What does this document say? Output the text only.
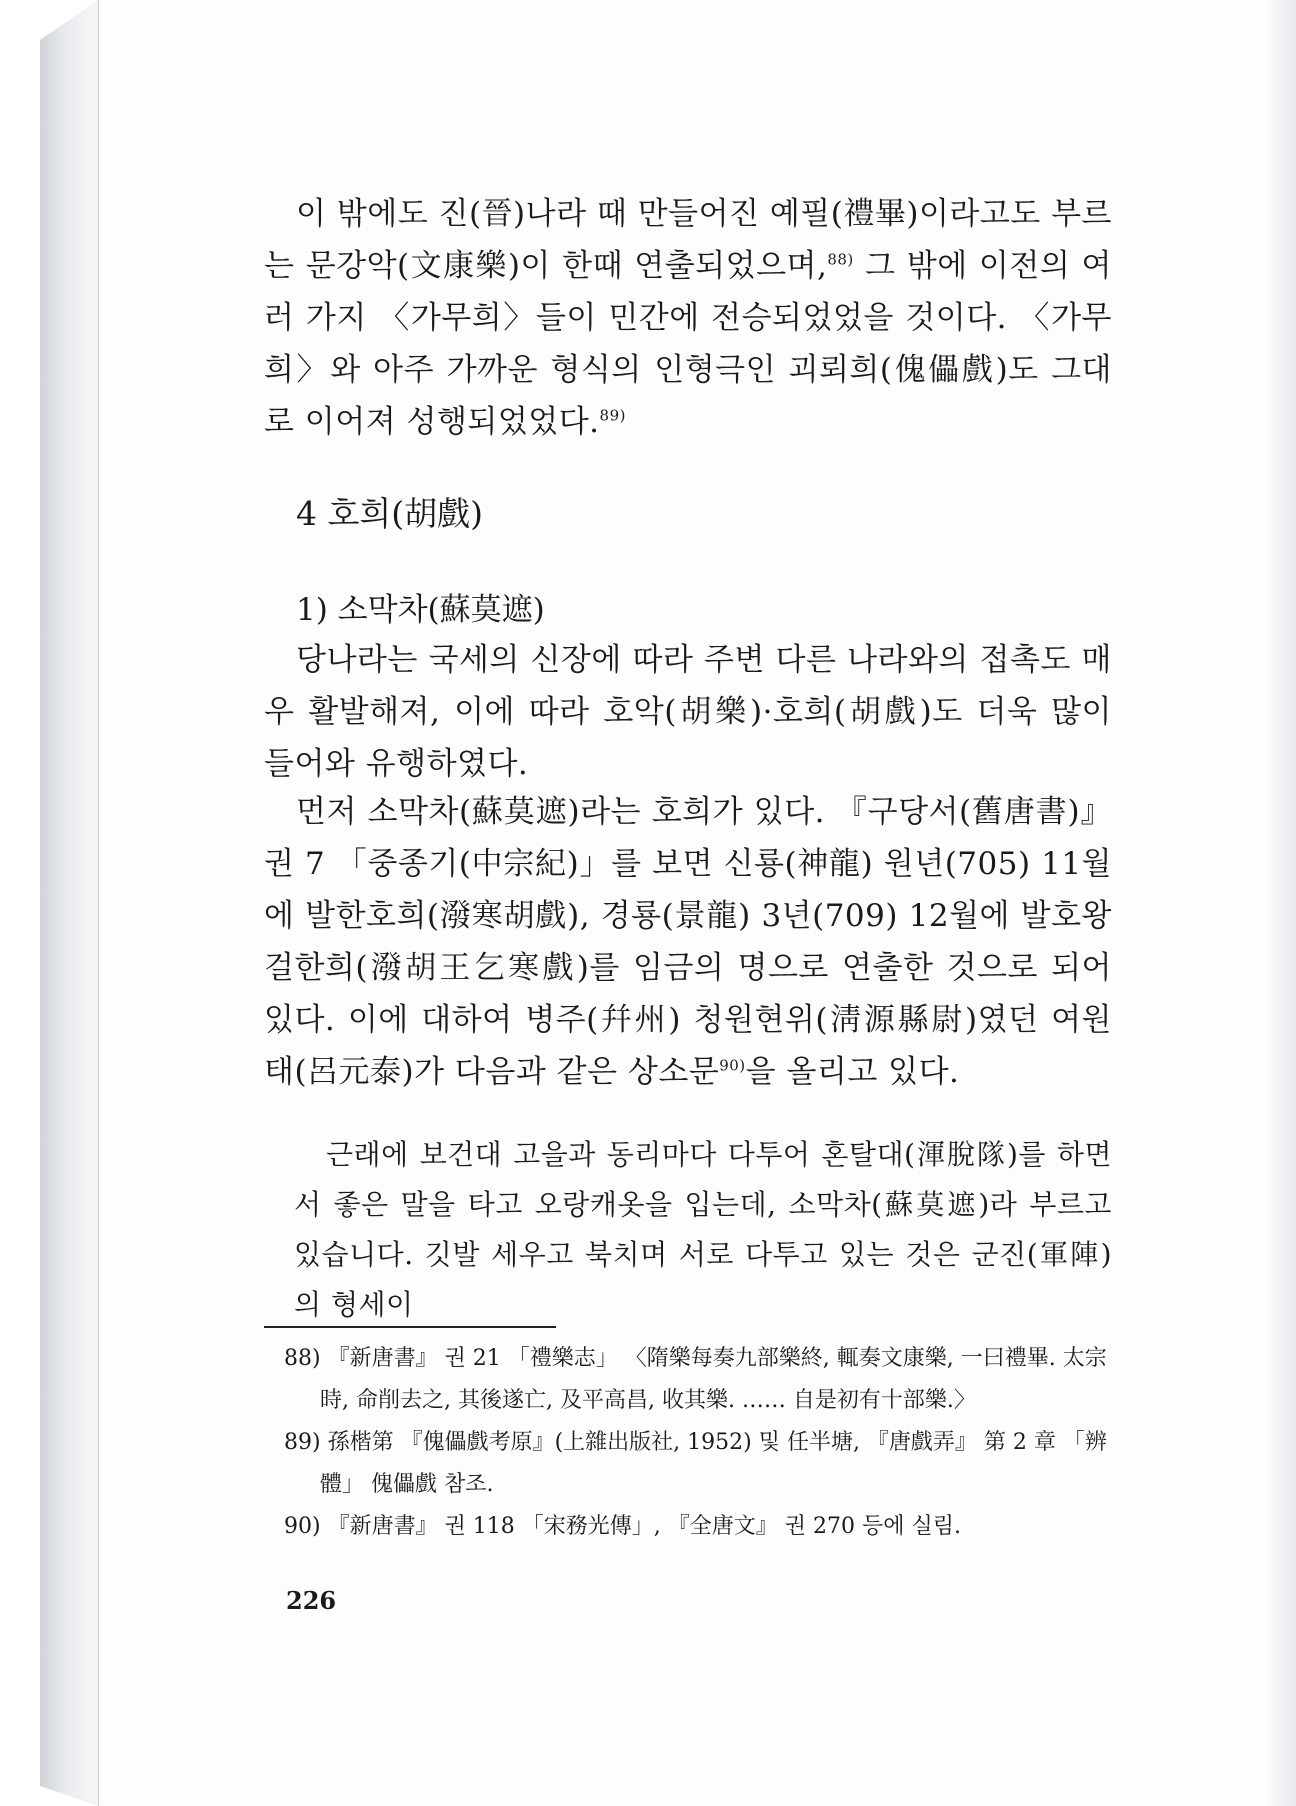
이 밖에도 진(晉)나라 때 만들어진 예필(禮畢)이라고도 부르는 문강악(文康樂)이 한때 연출되었으며,$^{88)}$ 그 밖에 이전의 여러 가지 〈가무희〉들이 민간에 전승되었었을 것이다. 〈가무희〉와 아주 가까운 형식의 인형극인 괴뢰희(傀儡戲)도 그대로 이어져 성행되었었다.$^{89)}$

4 호희(胡戲)
1) 소막차(蘇莫遮)

당나라는 국세의 신장에 따라 주변 다른 나라와의 접촉도 매우 활발해져, 이에 따라 호악(胡樂)·호희(胡戲)도 더욱 많이 들어와 유행하였다.

먼저 소막차(蘇莫遮)라는 호희가 있다. 『구당서(舊唐書)』 권 7 「중종기(中宗紀)」를 보면 신룡(神龍) 원년(705) 11월에 발한호희(潑寒胡戲), 경룡(景龍) 3년(709) 12월에 발호왕걸한희(潑胡王乞寒戲)를 임금의 명으로 연출한 것으로 되어 있다. 이에 대하여 병주(幷州) 청원현위(淸源縣尉)였던 여원태(呂元泰)가 다음과 같은 상소문$^{90)}$을 올리고 있다.

근래에 보건대 고을과 동리마다 다투어 혼탈대(渾脫隊)를 하면서 좋은 말을 타고 오랑캐옷을 입는데, 소막차(蘇莫遮)라 부르고 있습니다. 깃발 세우고 북치며 서로 다투고 있는 것은 군진(軍陣)의 형세이

88) 『新唐書』 권 21 「禮樂志」 〈隋樂每奏九部樂終, 輒奏文康樂, 一曰禮畢. 太宗時, 命削去之, 其後遂亡, 及平高昌, 收其樂. …… 自是初有十部樂.〉
89) 孫楷第 『傀儡戲考原』(上雜出版社, 1952) 및 任半塘, 『唐戲弄』 第 2 章 「辨體」 傀儡戲 참조.
90) 『新唐書』 권 118 「宋務光傳」, 『全唐文』 권 270 등에 실림.
226
